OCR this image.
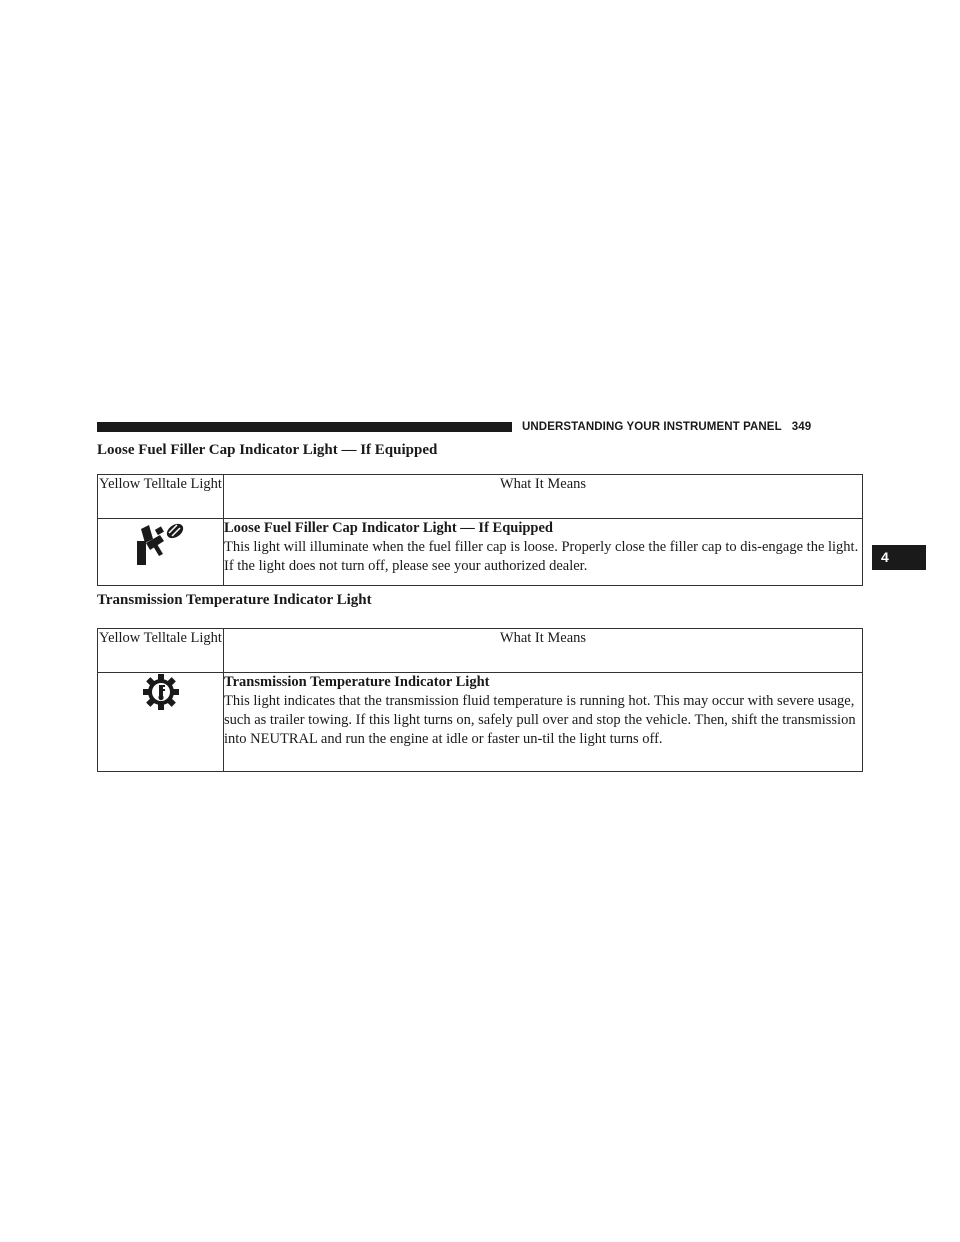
UNDERSTANDING YOUR INSTRUMENT PANEL 349
4
Loose Fuel Filler Cap Indicator Light — If Equipped
Yellow Telltale Light	What It Means

Loose Fuel Filler Cap Indicator Light — If Equipped
This light will illuminate when the fuel filler cap is loose. Properly close the filler cap to dis-engage the light. If the light does not turn off, please see your authorized dealer.
Transmission Temperature Indicator Light
Yellow Telltale Light	What It Means

Transmission Temperature Indicator Light
This light indicates that the transmission fluid temperature is running hot. This may occur with severe usage, such as trailer towing. If this light turns on, safely pull over and stop the vehicle. Then, shift the transmission into NEUTRAL and run the engine at idle or faster un-til the light turns off.
